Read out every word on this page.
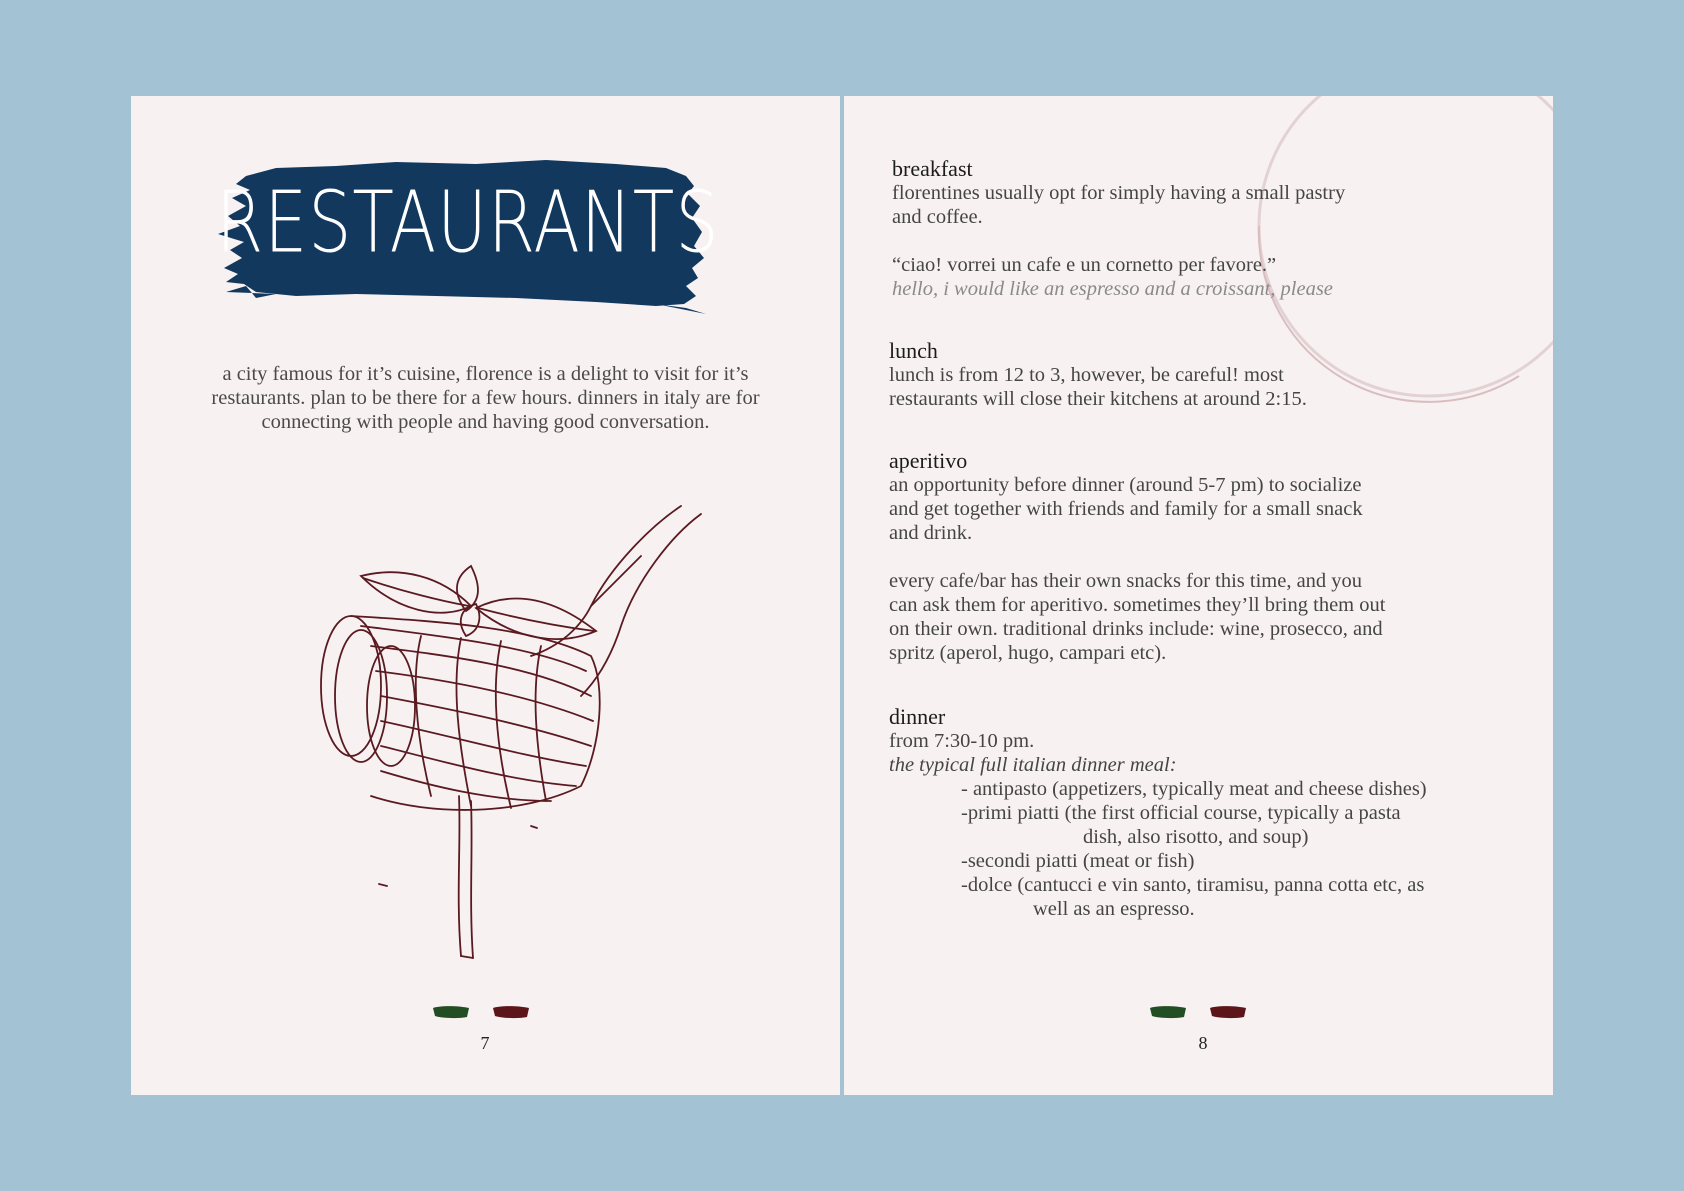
RESTAURANTS
a city famous for it’s cuisine, florence is a delight to visit for it’s
restaurants. plan to be there for a few hours. dinners in italy are for
connecting with people and having good conversation.
7
breakfast
florentines usually opt for simply having a small pastry
and coffee.
“ciao! vorrei un cafe e un cornetto per favore.”
hello, i would like an espresso and a croissant, please
lunch
lunch is from 12 to 3, however, be careful! most
restaurants will close their kitchens at around 2:15.
aperitivo
an opportunity before dinner (around 5-7 pm) to socialize
and get together with friends and family for a small snack
and drink.
every cafe/bar has their own snacks for this time, and you
can ask them for aperitivo. sometimes they’ll bring them out
on their own. traditional drinks include: wine, prosecco, and
spritz (aperol, hugo, campari etc).
dinner
from 7:30-10 pm.
the typical full italian dinner meal:
- antipasto (appetizers, typically meat and cheese dishes)
-primi piatti (the first official course, typically a pasta
dish, also risotto, and soup)
-secondi piatti (meat or fish)
-dolce (cantucci e vin santo, tiramisu, panna cotta etc, as
well as an espresso.
8
